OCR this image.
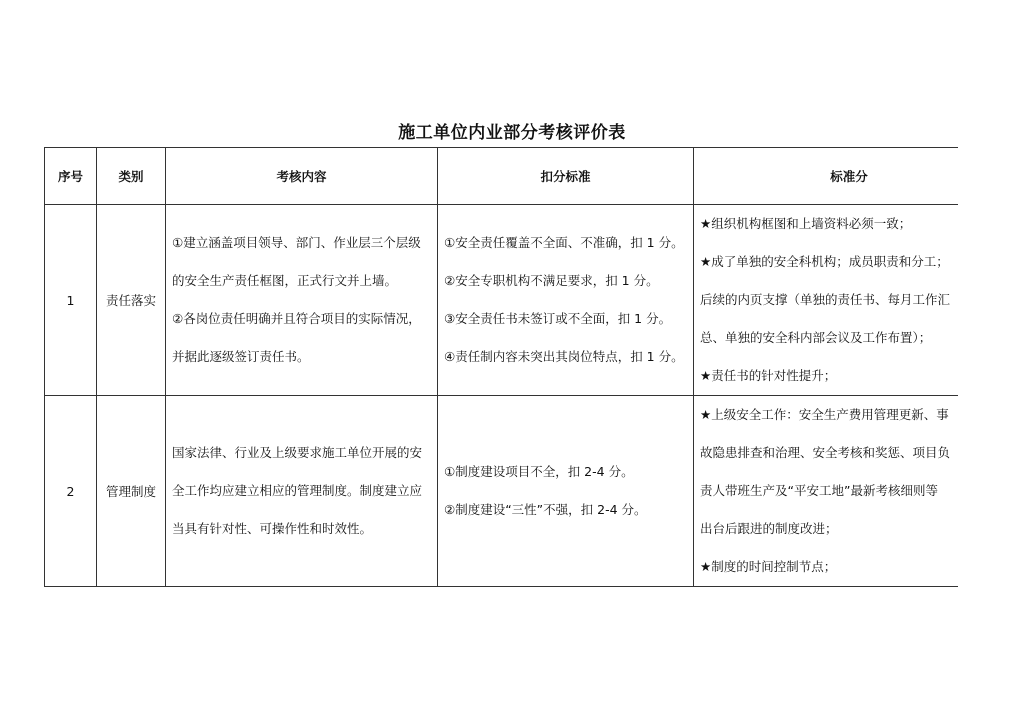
施工单位内业部分考核评价表
序号	类别	考核内容	扣分标准	标准分
1	责任落实	①建立涵盖项目领导、部门、作业层三个层级
的安全生产责任框图，正式行文并上墙。
②各岗位责任明确并且符合项目的实际情况，
并据此逐级签订责任书。	①安全责任覆盖不全面、不准确，扣 1 分。
②安全专职机构不满足要求，扣 1 分。
③安全责任书未签订或不全面，扣 1 分。
④责任制内容未突出其岗位特点，扣 1 分。	★组织机构框图和上墙资料必须一致；
★成了单独的安全科机构；成员职责和分工；
后续的内页支撑（单独的责任书、每月工作汇
总、单独的安全科内部会议及工作布置）；
★责任书的针对性提升；

2	管理制度	国家法律、行业及上级要求施工单位开展的安
全工作均应建立相应的管理制度。制度建立应
当具有针对性、可操作性和时效性。	①制度建设项目不全，扣 2-4 分。
②制度建设“三性”不强，扣 2-4 分。	★上级安全工作：安全生产费用管理更新、事
故隐患排查和治理、安全考核和奖惩、项目负
责人带班生产及“平安工地”最新考核细则等
出台后跟进的制度改进；
★制度的时间控制节点；
